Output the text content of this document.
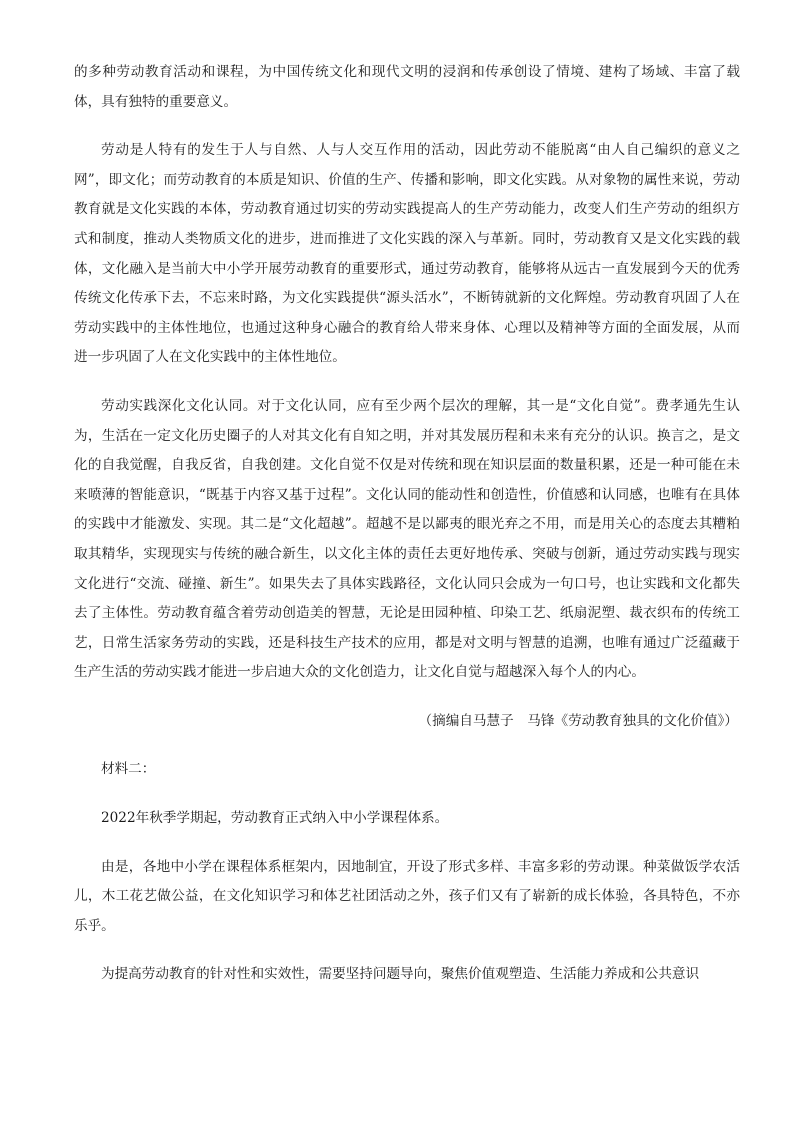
的多种劳动教育活动和课程，为中国传统文化和现代文明的浸润和传承创设了情境、建构了场域、丰富了载体，具有独特的重要意义。

劳动是人特有的发生于人与自然、人与人交互作用的活动，因此劳动不能脱离“由人自己编织的意义之网”，即文化；而劳动教育的本质是知识、价值的生产、传播和影响，即文化实践。从对象物的属性来说，劳动教育就是文化实践的本体，劳动教育通过切实的劳动实践提高人的生产劳动能力，改变人们生产劳动的组织方式和制度，推动人类物质文化的进步，进而推进了文化实践的深入与革新。同时，劳动教育又是文化实践的载体，文化融入是当前大中小学开展劳动教育的重要形式，通过劳动教育，能够将从远古一直发展到今天的优秀传统文化传承下去，不忘来时路，为文化实践提供“源头活水”，不断铸就新的文化辉煌。劳动教育巩固了人在劳动实践中的主体性地位，也通过这种身心融合的教育给人带来身体、心理以及精神等方面的全面发展，从而进一步巩固了人在文化实践中的主体性地位。

劳动实践深化文化认同。对于文化认同，应有至少两个层次的理解，其一是“文化自觉”。费孝通先生认为，生活在一定文化历史圈子的人对其文化有自知之明，并对其发展历程和未来有充分的认识。换言之，是文化的自我觉醒，自我反省，自我创建。文化自觉不仅是对传统和现在知识层面的数量积累，还是一种可能在未来喷薄的智能意识，“既基于内容又基于过程”。文化认同的能动性和创造性，价值感和认同感，也唯有在具体的实践中才能激发、实现。其二是“文化超越”。超越不是以鄙夷的眼光弃之不用，而是用关心的态度去其糟粕取其精华，实现现实与传统的融合新生，以文化主体的责任去更好地传承、突破与创新，通过劳动实践与现实文化进行“交流、碰撞、新生”。如果失去了具体实践路径，文化认同只会成为一句口号，也让实践和文化都失去了主体性。劳动教育蕴含着劳动创造美的智慧，无论是田园种植、印染工艺、纸扇泥塑、裁衣织布的传统工艺，日常生活家务劳动的实践，还是科技生产技术的应用，都是对文明与智慧的追溯，也唯有通过广泛蕴藏于生产生活的劳动实践才能进一步启迪大众的文化创造力，让文化自觉与超越深入每个人的内心。

（摘编自马慧子　马锋《劳动教育独具的文化价值》）

材料二：

2022年秋季学期起，劳动教育正式纳入中小学课程体系。

由是，各地中小学在课程体系框架内，因地制宜，开设了形式多样、丰富多彩的劳动课。种菜做饭学农活儿，木工花艺做公益，在文化知识学习和体艺社团活动之外，孩子们又有了崭新的成长体验，各具特色，不亦乐乎。

为提高劳动教育的针对性和实效性，需要坚持问题导向，聚焦价值观塑造、生活能力养成和公共意识
